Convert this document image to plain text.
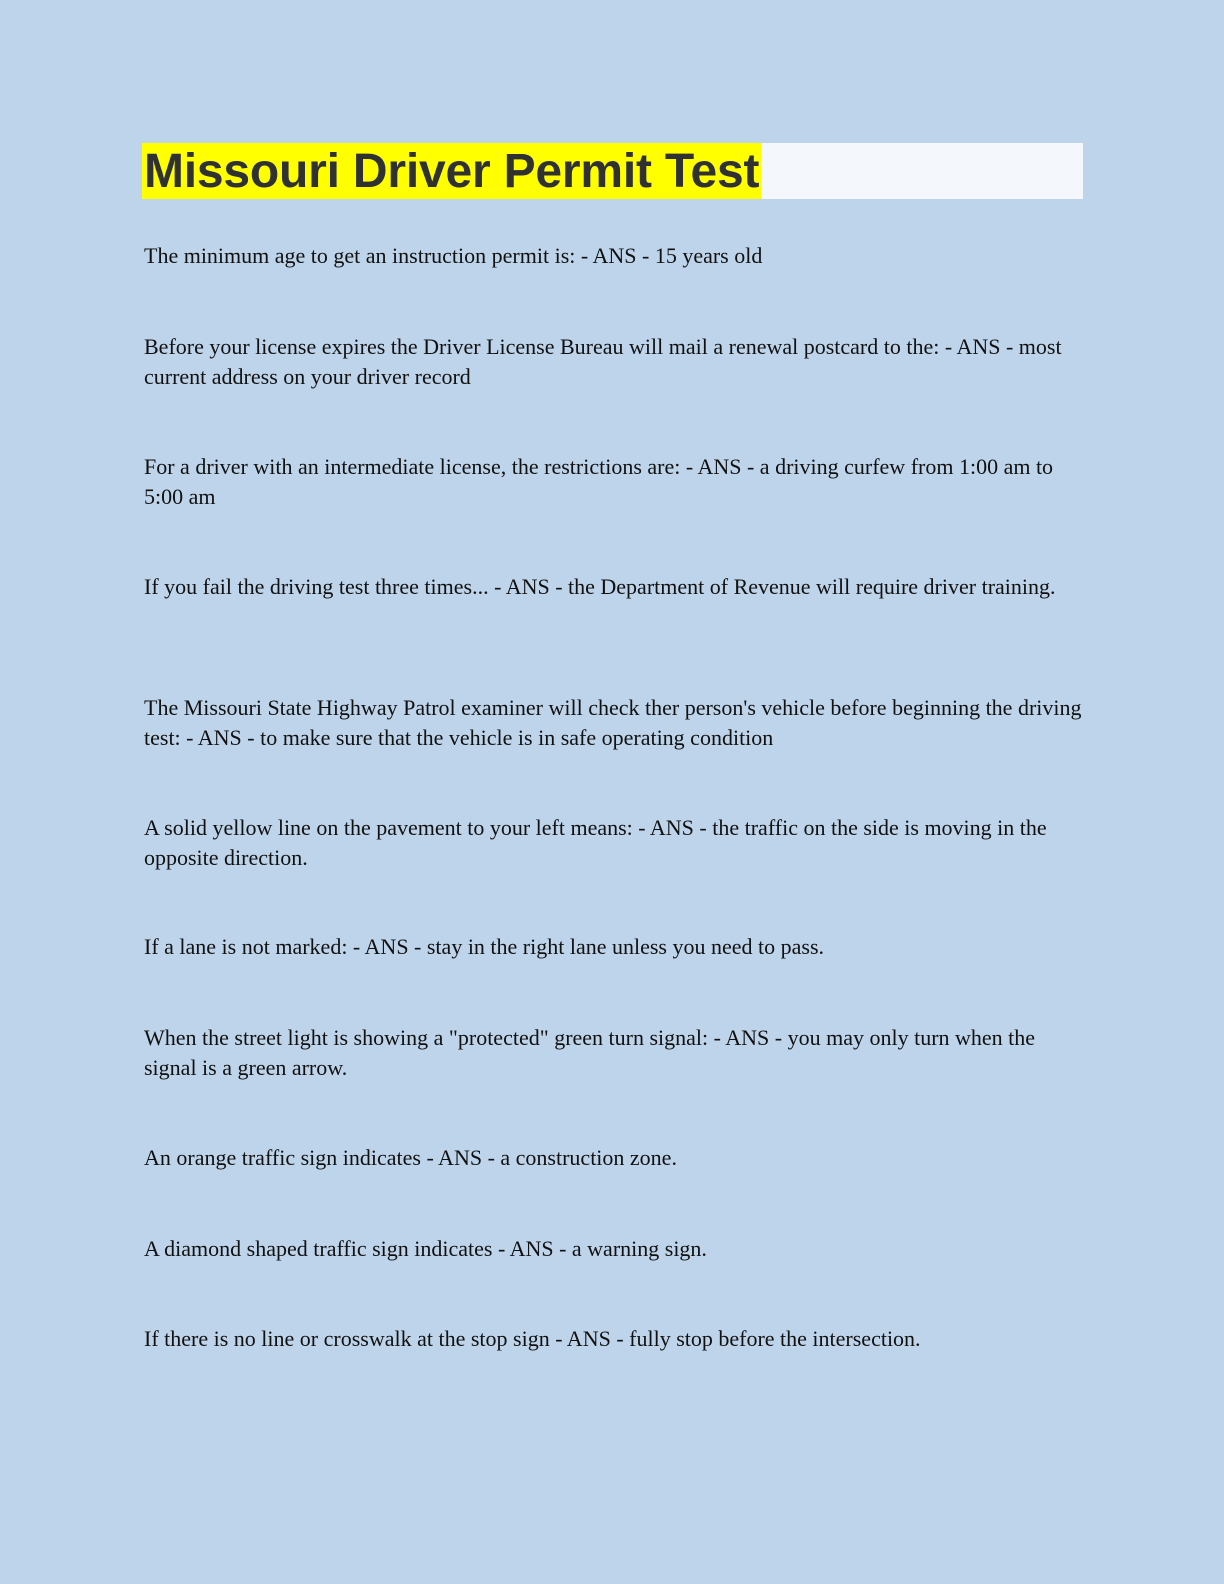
Missouri Driver Permit Test

The minimum age to get an instruction permit is: - ANS - 15 years old

Before your license expires the Driver License Bureau will mail a renewal postcard to the: - ANS - most current address on your driver record

For a driver with an intermediate license, the restrictions are: - ANS - a driving curfew from 1:00 am to 5:00 am

If you fail the driving test three times... - ANS - the Department of Revenue will require driver training.

The Missouri State Highway Patrol examiner will check ther person's vehicle before beginning the driving test: - ANS - to make sure that the vehicle is in safe operating condition

A solid yellow line on the pavement to your left means: - ANS - the traffic on the side is moving in the opposite direction.

If a lane is not marked: - ANS - stay in the right lane unless you need to pass.

When the street light is showing a "protected" green turn signal: - ANS - you may only turn when the signal is a green arrow.

An orange traffic sign indicates - ANS - a construction zone.

A diamond shaped traffic sign indicates - ANS - a warning sign.

If there is no line or crosswalk at the stop sign - ANS - fully stop before the intersection.
